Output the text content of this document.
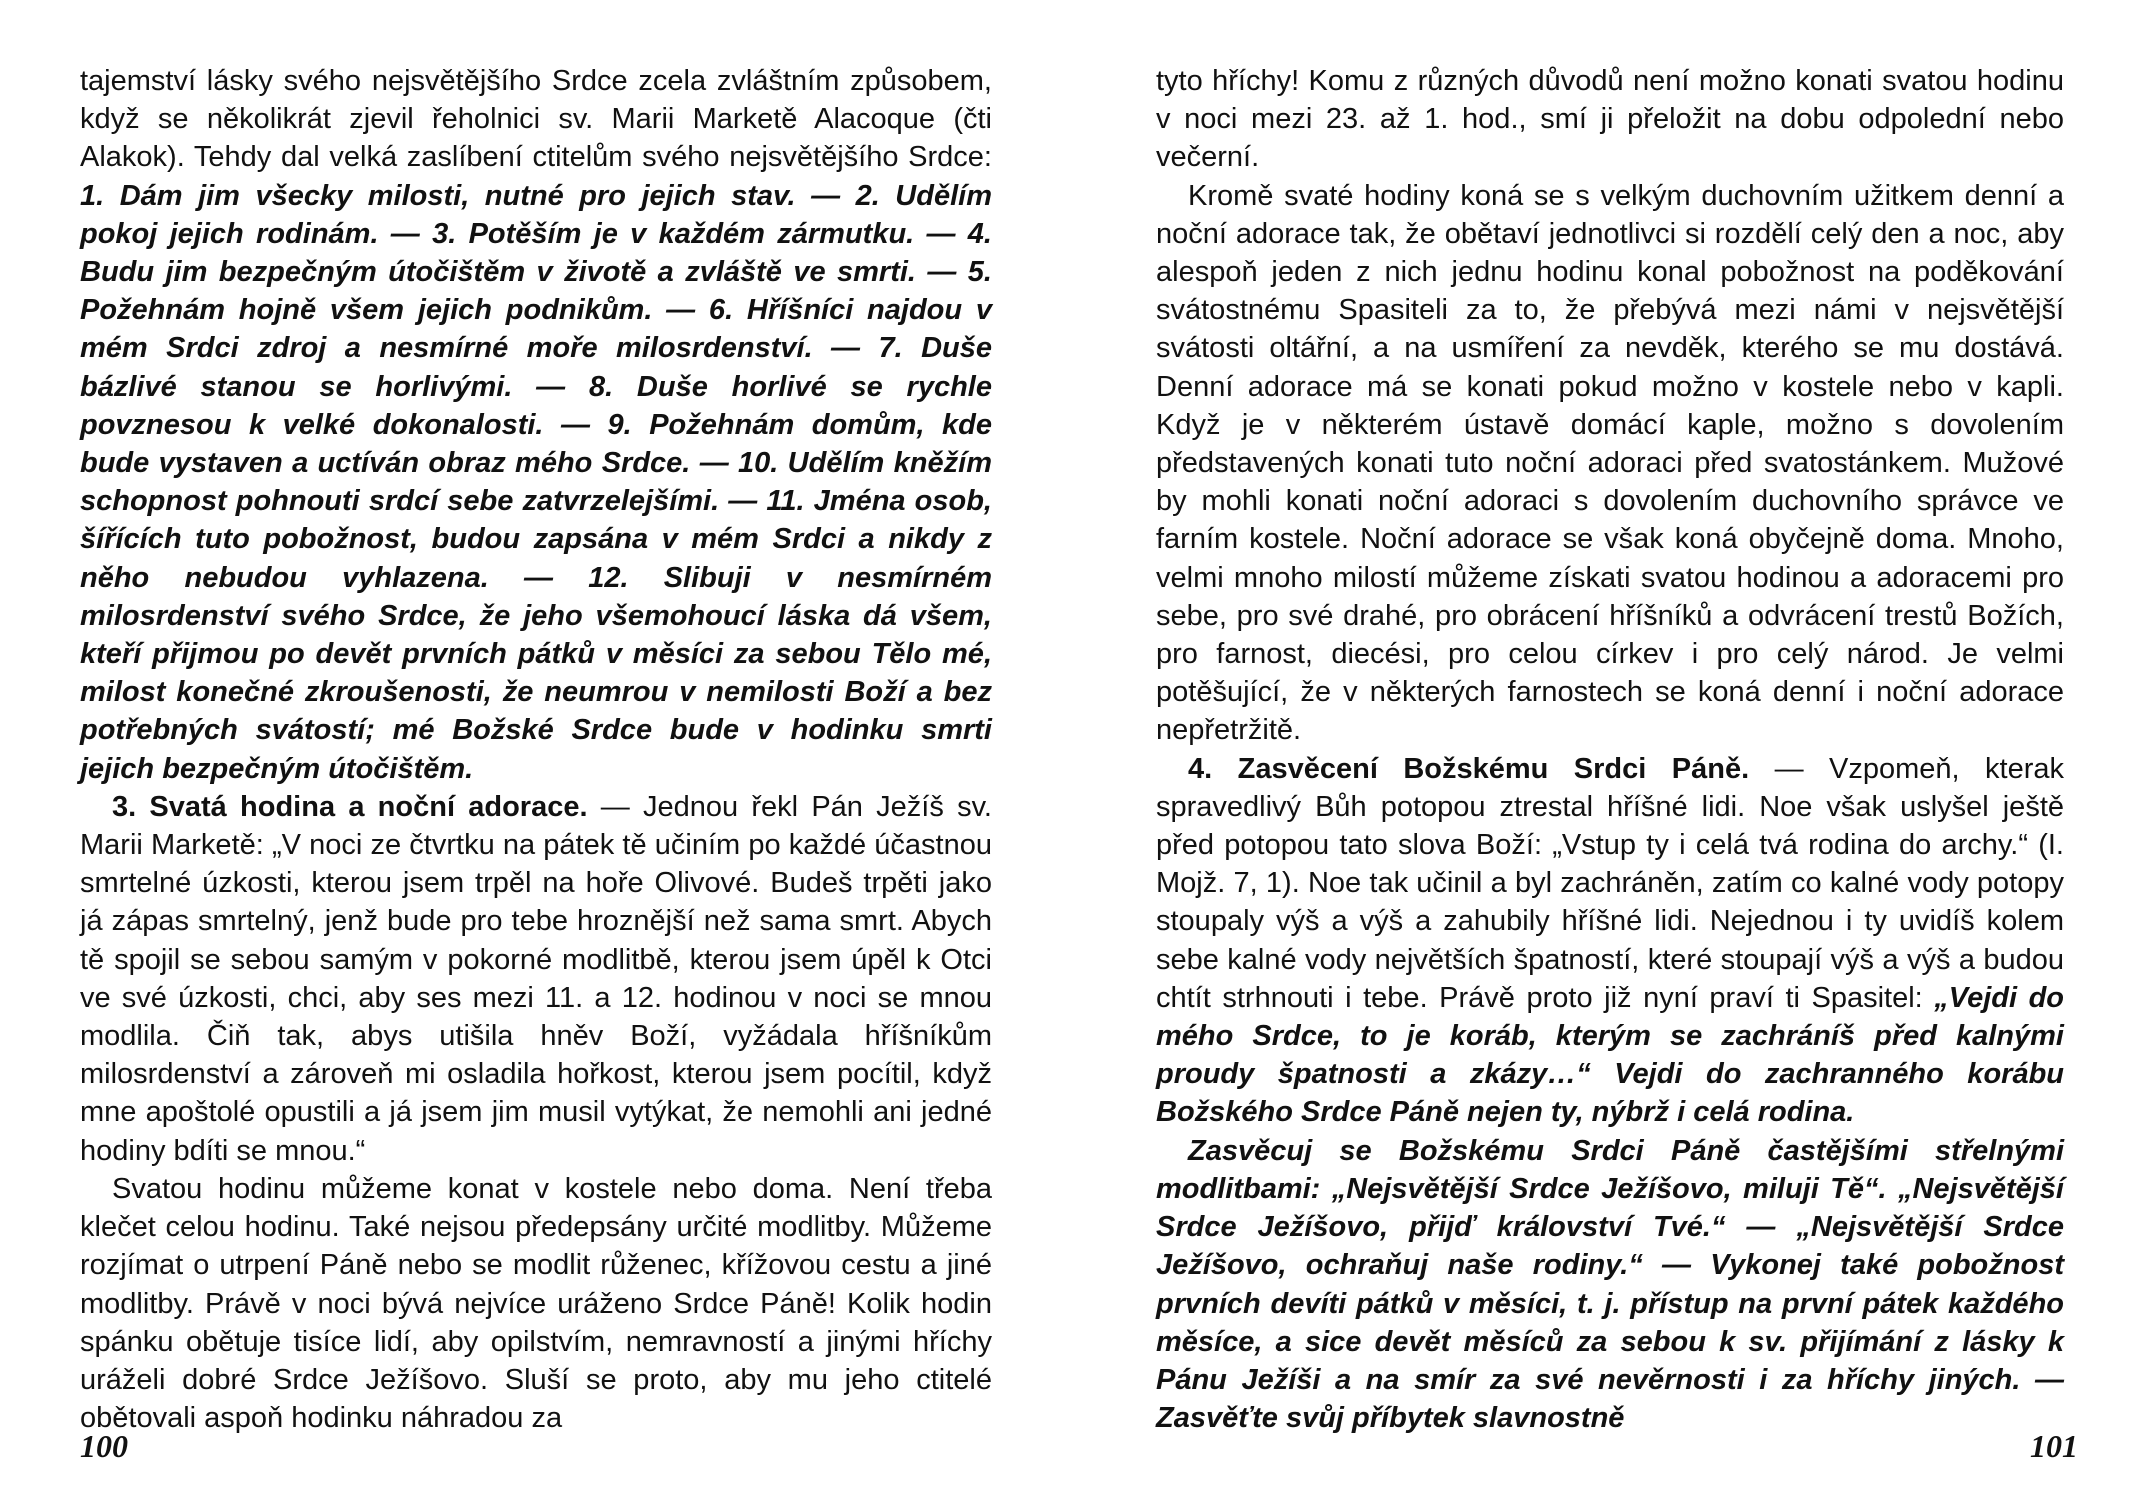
tajemství lásky svého nejsvětějšího Srdce zcela zvláštním způsobem, když se několikrát zjevil řeholnici sv. Marii Marketě Alacoque (čti Alakok). Tehdy dal velká zaslíbení ctitelům svého nejsvětějšího Srdce: 1. Dám jim všecky milosti, nutné pro jejich stav. — 2. Udělím pokoj jejich rodinám. — 3. Potěším je v každém zármutku. — 4. Budu jim bezpečným útočištěm v životě a zvláště ve smrti. — 5. Požehnám hojně všem jejich podnikům. — 6. Hříšníci najdou v mém Srdci zdroj a nesmírné moře milosrdenství. — 7. Duše bázlivé stanou se horlivými. — 8. Duše horlivé se rychle povznesou k velké dokonalosti. — 9. Požehnám domům, kde bude vystaven a uctíván obraz mého Srdce. — 10. Udělím kněžím schopnost pohnouti srdcí sebe zatvrzelejšími. — 11. Jména osob, šířících tuto pobožnost, budou zapsána v mém Srdci a nikdy z něho nebudou vyhlazena. — 12. Slibuji v nesmírném milosrdenství svého Srdce, že jeho všemohoucí láska dá všem, kteří přijmou po devět prvních pátků v měsíci za sebou Tělo mé, milost konečné zkroušenosti, že neumrou v nemilosti Boží a bez potřebných svátostí; mé Božské Srdce bude v hodinku smrti jejich bezpečným útočištěm.

3. Svatá hodina a noční adorace. — Jednou řekl Pán Ježíš sv. Marii Marketě: „V noci ze čtvrtku na pátek tě učiním po každé účastnou smrtelné úzkosti, kterou jsem trpěl na hoře Olivové. Budeš trpěti jako já zápas smrtelný, jenž bude pro tebe hroznější než sama smrt. Abych tě spojil se sebou samým v pokorné modlitbě, kterou jsem úpěl k Otci ve své úzkosti, chci, aby ses mezi 11. a 12. hodinou v noci se mnou modlila. Čiň tak, abys utišila hněv Boží, vyžádala hříšníkům milosrdenství a zároveň mi osladila hořkost, kterou jsem pocítil, když mne apoštolé opustili a já jsem jim musil vytýkat, že nemohli ani jedné hodiny bdíti se mnou.“

Svatou hodinu můžeme konat v kostele nebo doma. Není třeba klečet celou hodinu. Také nejsou předepsány určité modlitby. Můžeme rozjímat o utrpení Páně nebo se modlit růženec, křížovou cestu a jiné modlitby. Právě v noci bývá nejvíce uráženo Srdce Páně! Kolik hodin spánku obětuje tisíce lidí, aby opilstvím, nemravností a jinými hříchy uráželi dobré Srdce Ježíšovo. Sluší se proto, aby mu jeho ctitelé obětovali aspoň hodinku náhradou za

100

tyto hříchy! Komu z různých důvodů není možno konati svatou hodinu v noci mezi 23. až 1. hod., smí ji přeložit na dobu odpolední nebo večerní.

Kromě svaté hodiny koná se s velkým duchovním užitkem denní a noční adorace tak, že obětaví jednotlivci si rozdělí celý den a noc, aby alespoň jeden z nich jednu hodinu konal pobožnost na poděkování svátostnému Spasiteli za to, že přebývá mezi námi v nejsvětější svátosti oltářní, a na usmíření za nevděk, kterého se mu dostává. Denní adorace má se konati pokud možno v kostele nebo v kapli. Když je v některém ústavě domácí kaple, možno s dovolením představených konati tuto noční adoraci před svatostánkem. Mužové by mohli konati noční adoraci s dovolením duchovního správce ve farním kostele. Noční adorace se však koná obyčejně doma. Mnoho, velmi mnoho milostí můžeme získati svatou hodinou a adoracemi pro sebe, pro své drahé, pro obrácení hříšníků a odvrácení trestů Božích, pro farnost, diecési, pro celou církev i pro celý národ. Je velmi potěšující, že v některých farnostech se koná denní i noční adorace nepřetržitě.

4. Zasvěcení Božskému Srdci Páně. — Vzpomeň, kterak spravedlivý Bůh potopou ztrestal hříšné lidi. Noe však uslyšel ještě před potopou tato slova Boží: „Vstup ty i celá tvá rodina do archy.“ (I. Mojž. 7, 1). Noe tak učinil a byl zachráněn, zatím co kalné vody potopy stoupaly výš a výš a zahubily hříšné lidi. Nejednou i ty uvidíš kolem sebe kalné vody největších špatností, které stoupají výš a výš a budou chtít strhnouti i tebe. Právě proto již nyní praví ti Spasitel: „Vejdi do mého Srdce, to je koráb, kterým se zachráníš před kalnými proudy špatnosti a zkázy…“ Vejdi do zachranného korábu Božského Srdce Páně nejen ty, nýbrž i celá rodina.

Zasvěcuj se Božskému Srdci Páně častějšími střelnými modlitbami: „Nejsvětější Srdce Ježíšovo, miluji Tě“. „Nejsvětější Srdce Ježíšovo, přijď království Tvé.“ — „Nejsvětější Srdce Ježíšovo, ochraňuj naše rodiny.“ — Vykonej také pobožnost prvních devíti pátků v měsíci, t. j. přístup na první pátek každého měsíce, a sice devět měsíců za sebou k sv. přijímání z lásky k Pánu Ježíši a na smír za své nevěrnosti i za hříchy jiných. — Zasvěťte svůj příbytek slavnostně

101
